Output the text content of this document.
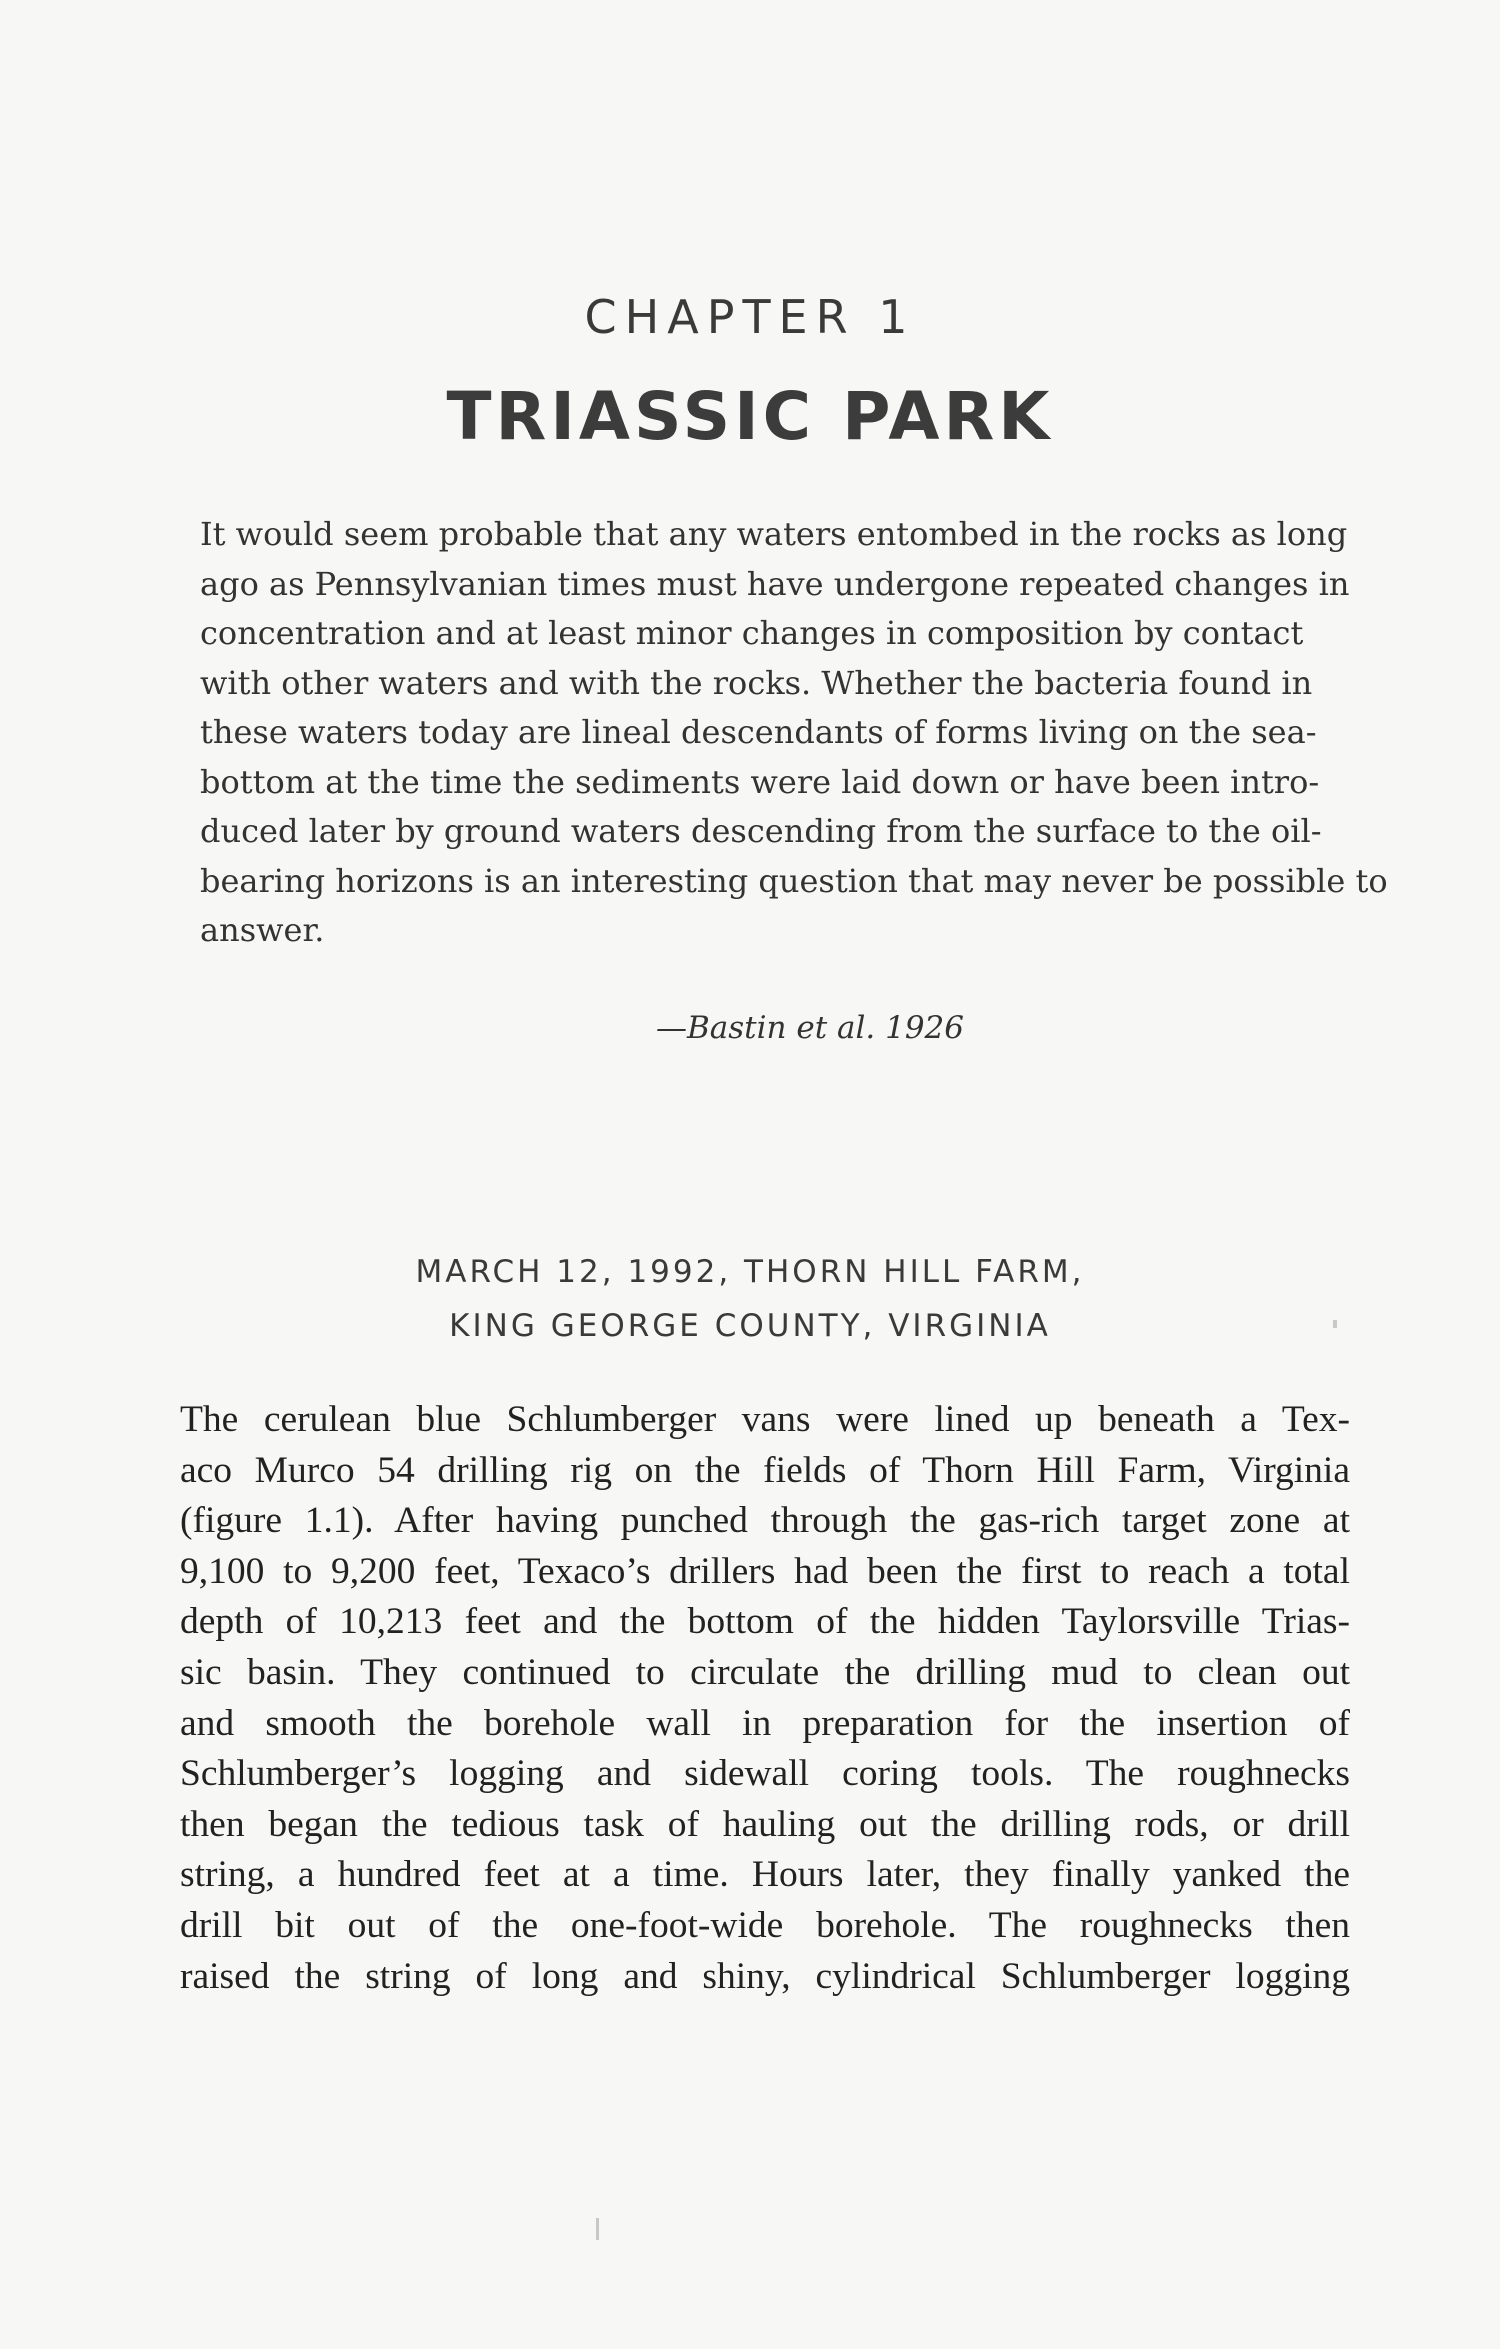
CHAPTER 1
TRIASSIC PARK
It would seem probable that any waters entombed in the rocks as long
ago as Pennsylvanian times must have undergone repeated changes in
concentration and at least minor changes in composition by contact
with other waters and with the rocks. Whether the bacteria found in
these waters today are lineal descendants of forms living on the sea-
bottom at the time the sediments were laid down or have been intro-
duced later by ground waters descending from the surface to the oil-
bearing horizons is an interesting question that may never be possible to
answer.
—Bastin et al. 1926
MARCH 12, 1992, THORN HILL FARM,
KING GEORGE COUNTY, VIRGINIA
The cerulean blue Schlumberger vans were lined up beneath a Tex-
aco Murco 54 drilling rig on the fields of Thorn Hill Farm, Virginia
(figure 1.1). After having punched through the gas-rich target zone at
9,100 to 9,200 feet, Texaco’s drillers had been the first to reach a total
depth of 10,213 feet and the bottom of the hidden Taylorsville Trias-
sic basin. They continued to circulate the drilling mud to clean out
and smooth the borehole wall in preparation for the insertion of
Schlumberger’s logging and sidewall coring tools. The roughnecks
then began the tedious task of hauling out the drilling rods, or drill
string, a hundred feet at a time. Hours later, they finally yanked the
drill bit out of the one-foot-wide borehole. The roughnecks then
raised the string of long and shiny, cylindrical Schlumberger logging
